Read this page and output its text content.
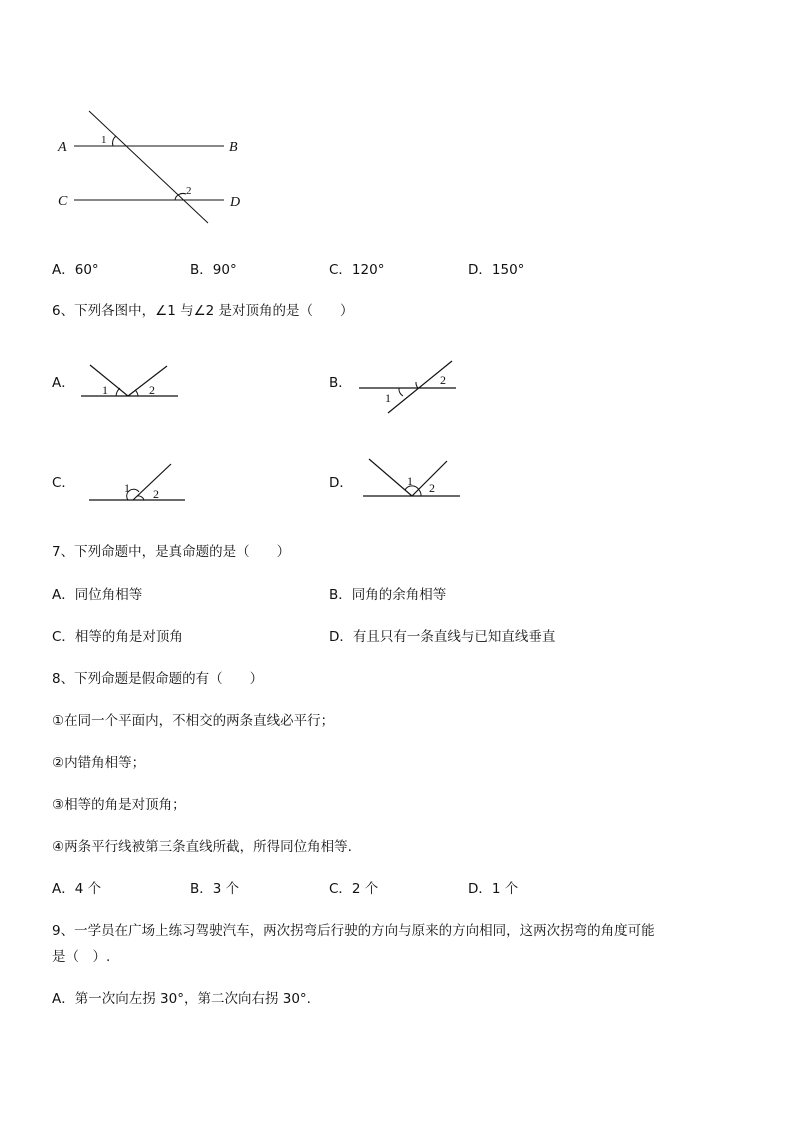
A	B
C	D
1
2
A．60°	B．90°	C．120°	D．150°
6、下列各图中，∠1 与∠2 是对顶角的是（　　）
A． 1	2	B．	2
1
C．	1 2
D．	1 2
7、下列命题中，是真命题的是（　　）
A．同位角相等	B．同角的余角相等
C．相等的角是对顶角	D．有且只有一条直线与已知直线垂直
8、下列命题是假命题的有（　　）
①在同一个平面内，不相交的两条直线必平行；
②内错角相等；
③相等的角是对顶角；
④两条平行线被第三条直线所截，所得同位角相等.
A．4 个	B．3 个	C．2 个	D．1 个
9、一学员在广场上练习驾驶汽车，两次拐弯后行驶的方向与原来的方向相同，这两次拐弯的角度可能
是（　）.
A．第一次向左拐 30°，第二次向右拐 30°.
